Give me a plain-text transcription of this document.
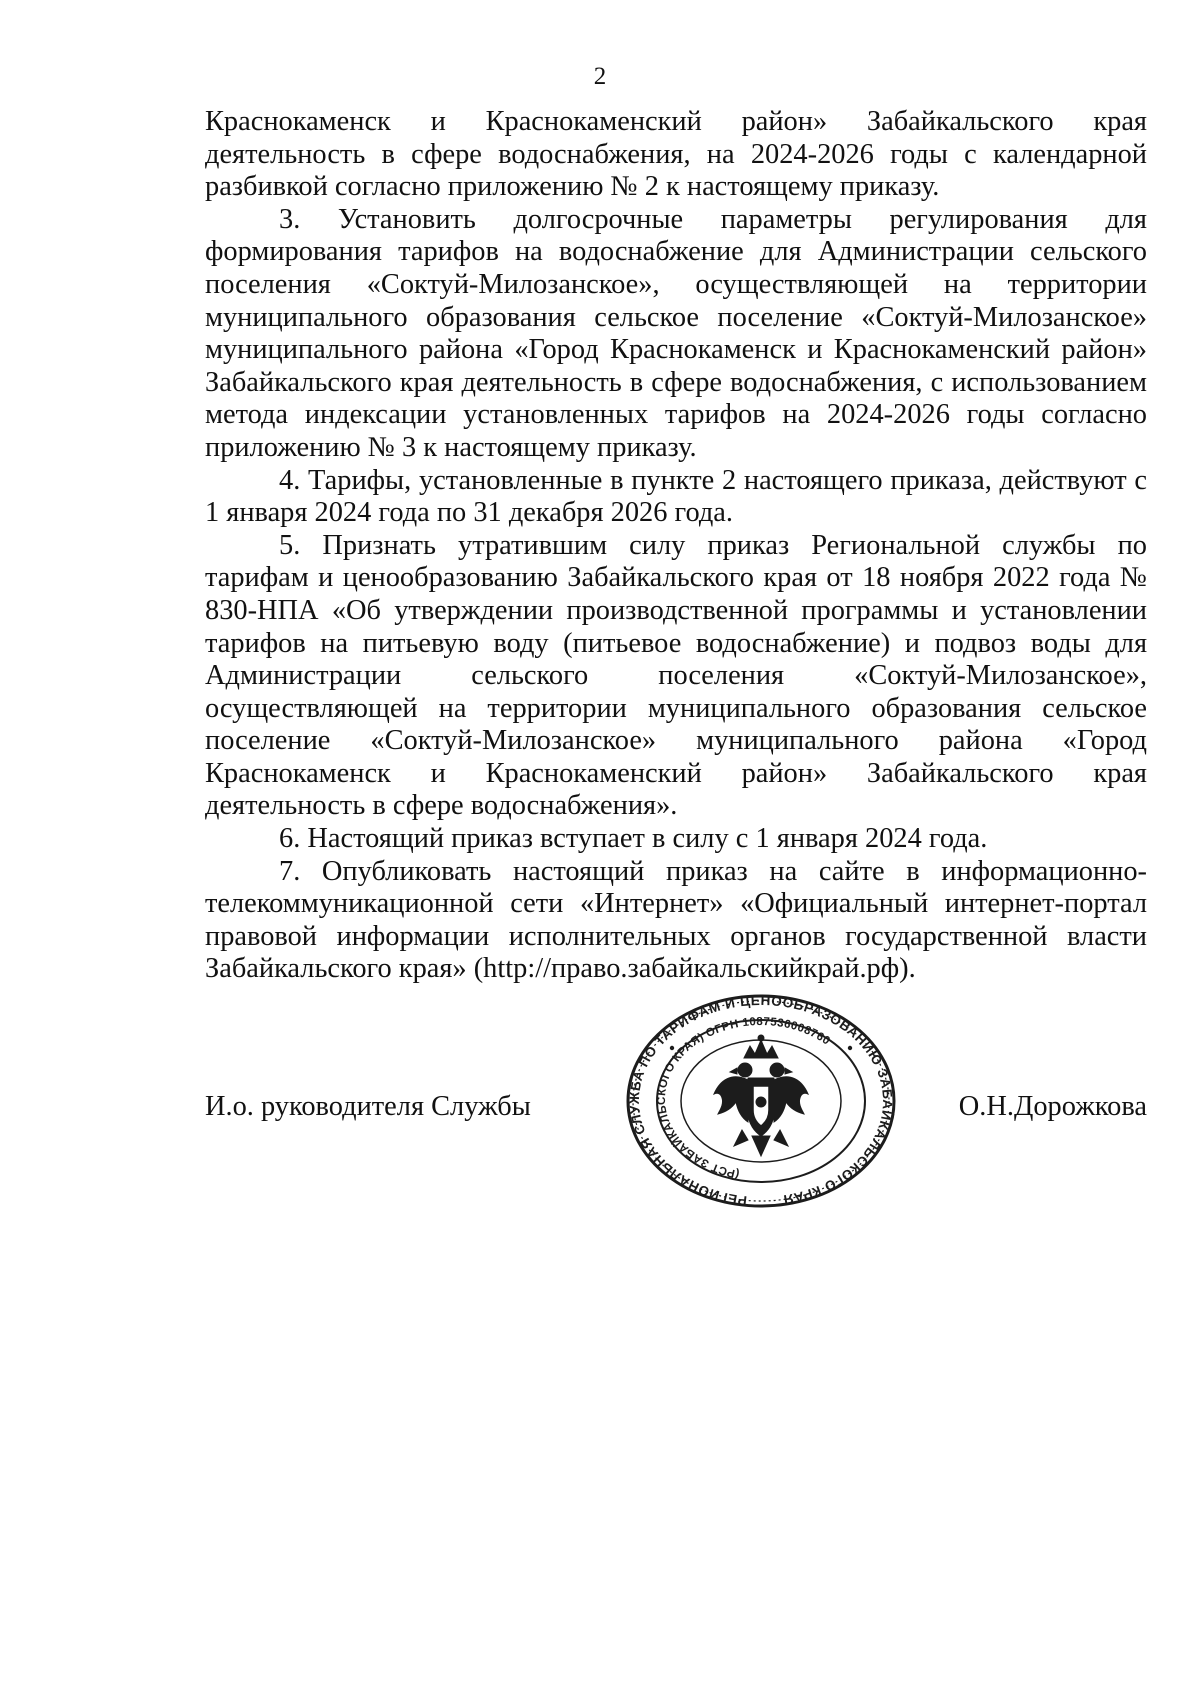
2

Краснокаменск и Краснокаменский район» Забайкальского края деятельность в сфере водоснабжения, на 2024-2026 годы с календарной разбивкой согласно приложению № 2 к настоящему приказу.

3. Установить долгосрочные параметры регулирования для формирования тарифов на водоснабжение для Администрации сельского поселения «Соктуй-Милозанское», осуществляющей на территории муниципального образования сельское поселение «Соктуй-Милозанское» муниципального района «Город Краснокаменск и Краснокаменский район» Забайкальского края деятельность в сфере водоснабжения, с использованием метода индексации установленных тарифов на 2024-2026 годы согласно приложению № 3 к настоящему приказу.

4. Тарифы, установленные в пункте 2 настоящего приказа, действуют с 1 января 2024 года по 31 декабря 2026 года.

5. Признать утратившим силу приказ Региональной службы по тарифам и ценообразованию Забайкальского края от 18 ноября 2022 года № 830-НПА «Об утверждении производственной программы и установлении тарифов на питьевую воду (питьевое водоснабжение) и подвоз воды для Администрации сельского поселения «Соктуй-Милозанское», осуществляющей на территории муниципального образования сельское поселение «Соктуй-Милозанское» муниципального района «Город Краснокаменск и Краснокаменский район» Забайкальского края деятельность в сфере водоснабжения».

6. Настоящий приказ вступает в силу с 1 января 2024 года.

7. Опубликовать настоящий приказ на сайте в информационно-телекоммуникационной сети «Интернет» «Официальный интернет-портал правовой информации исполнительных органов государственной власти Забайкальского края» (http://право.забайкальскийкрай.рф).

И.о. руководителя Службы	О.Н.Дорожкова
РЕГИОНАЛЬНАЯ СЛУЖБА ПО ТАРИФАМ И ЦЕНООБРАЗОВАНИЮ ЗАБАЙКАЛЬСКОГО КРАЯ
(РСТ ЗАБАЙКАЛЬСКОГО КРАЯ) ОГРН 1087536008760
